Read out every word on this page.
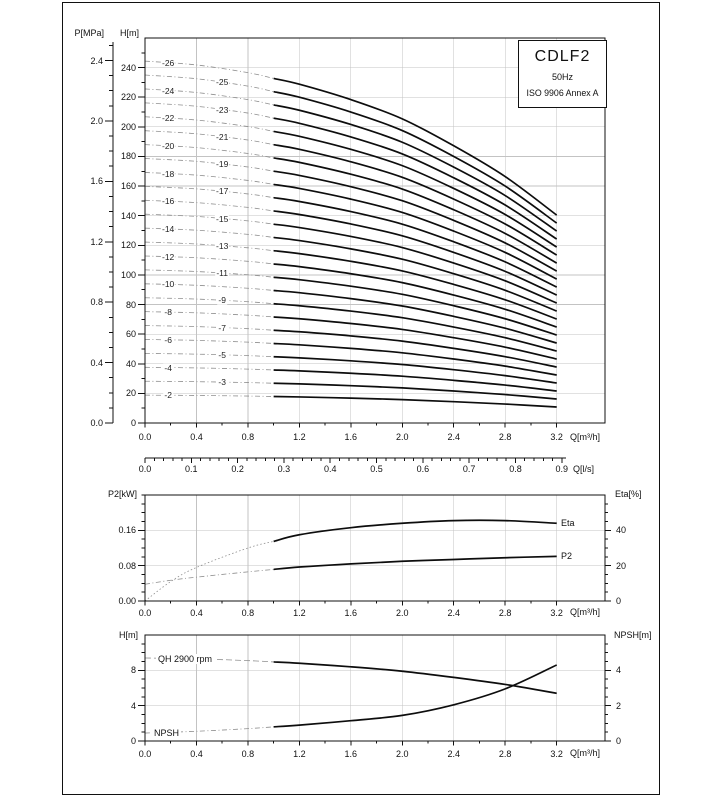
0
20
40
60
80
100
120
140
160
180
200
220
240
0.0	0.4	0.8	1.2	1.6	2.0	2.4	2.8	3.2
0.0
0.4
0.8
1.2
1.6
2.0
2.4
-2
-3
-4
-5
-6
-7
-8
-9
-10
-11
-12
-13
-14
-15
-16
-17
-18
-19
-20
-21
-22
-23
-24
-25
-26
0.0	0.1	0.2	0.3	0.4	0.5	0.6	0.7	0.8	0.9
0.00
0.08
0.16
0
20
40
0.0	0.4	0.8	1.2	1.6	2.0	2.4	2.8	3.2
0
4
8
0
2
4
0.0	0.4	0.8	1.2	1.6	2.0	2.4	2.8	3.2
P[MPa] H[m]
Q[m³/h]
Q[l/s]
P2[kW]	Eta[%]
Q[m³/h]
H[m]	NPSH[m]
Q[m³/h]
Eta
P2
QH 2900 rpm
NPSH
CDLF2
50Hz
ISO 9906 Annex A
